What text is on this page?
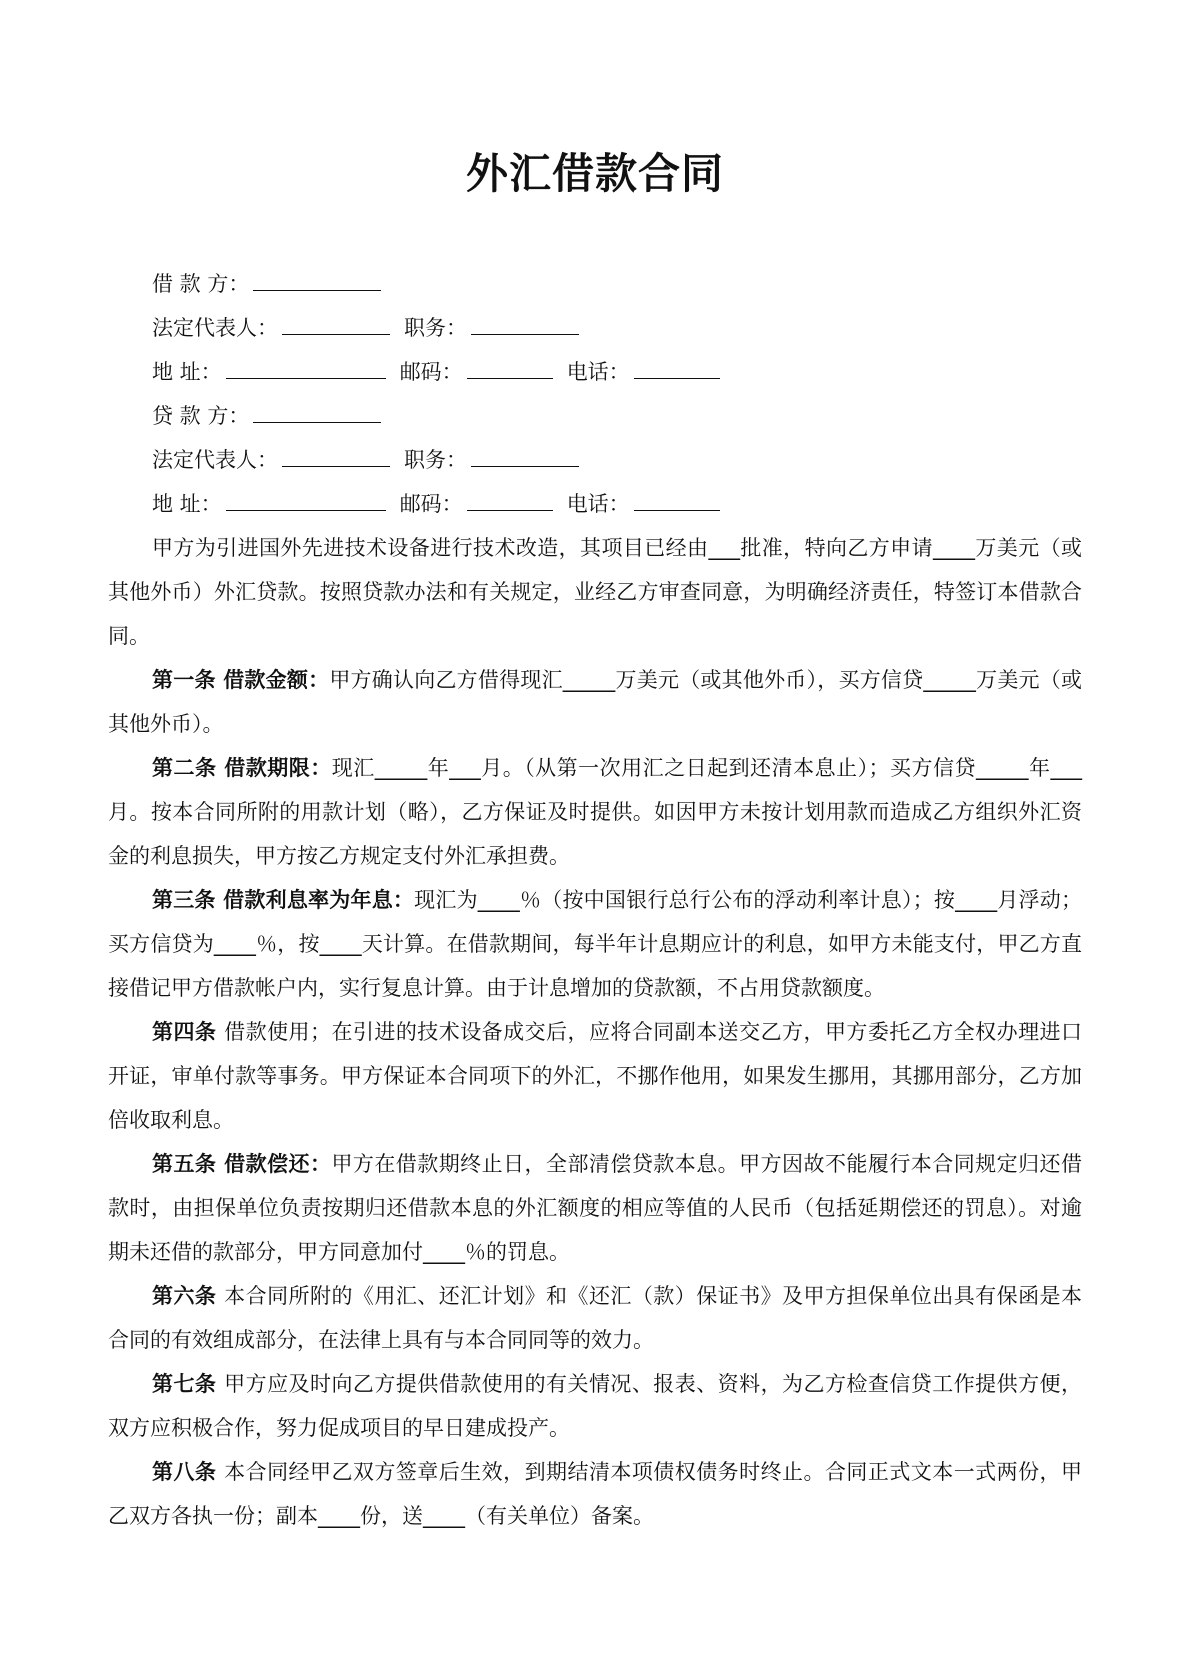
外汇借款合同
借 款 方：
法定代表人：	职务：
地 址：	邮码：	电话：
贷 款 方：
法定代表人：	职务：
地 址：	邮码：	电话：

甲方为引进国外先进技术设备进行技术改造，其项目已经由___批准，特向乙方申请____万美元（或其他外币）外汇贷款。按照贷款办法和有关规定，业经乙方审查同意，为明确经济责任，特签订本借款合同。

第一条 借款金额：甲方确认向乙方借得现汇_____万美元（或其他外币），买方信贷_____万美元（或其他外币）。

第二条 借款期限：现汇_____年___月。（从第一次用汇之日起到还清本息止）；买方信贷_____年___月。按本合同所附的用款计划（略），乙方保证及时提供。如因甲方未按计划用款而造成乙方组织外汇资金的利息损失，甲方按乙方规定支付外汇承担费。

第三条 借款利息率为年息：现汇为____％（按中国银行总行公布的浮动利率计息）；按____月浮动；买方信贷为____％，按____天计算。在借款期间，每半年计息期应计的利息，如甲方未能支付，甲乙方直接借记甲方借款帐户内，实行复息计算。由于计息增加的贷款额，不占用贷款额度。

第四条 借款使用；在引进的技术设备成交后，应将合同副本送交乙方，甲方委托乙方全权办理进口开证，审单付款等事务。甲方保证本合同项下的外汇，不挪作他用，如果发生挪用，其挪用部分，乙方加倍收取利息。

第五条 借款偿还：甲方在借款期终止日，全部清偿贷款本息。甲方因故不能履行本合同规定归还借款时，由担保单位负责按期归还借款本息的外汇额度的相应等值的人民币（包括延期偿还的罚息）。对逾期未还借的款部分，甲方同意加付____％的罚息。

第六条 本合同所附的《用汇、还汇计划》和《还汇（款）保证书》及甲方担保单位出具有保函是本合同的有效组成部分，在法律上具有与本合同同等的效力。

第七条 甲方应及时向乙方提供借款使用的有关情况、报表、资料，为乙方检查信贷工作提供方便，双方应积极合作，努力促成项目的早日建成投产。

第八条 本合同经甲乙双方签章后生效，到期结清本项债权债务时终止。合同正式文本一式两份，甲乙双方各执一份；副本____份，送____（有关单位）备案。
